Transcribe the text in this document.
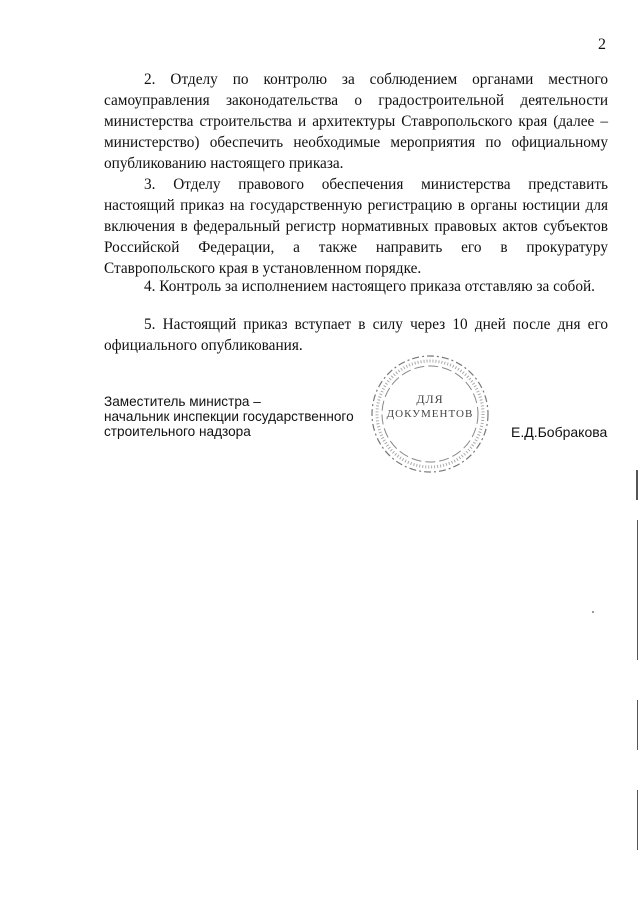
2

2. Отделу по контролю за соблюдением органами местного самоуправления законодательства о градостроительной деятельности министерства строительства и архитектуры Ставропольского края (далее – министерство) обеспечить необходимые мероприятия по официальному опубликованию настоящего приказа.

3. Отделу правового обеспечения министерства представить настоящий приказ на государственную регистрацию в органы юстиции для включения в федеральный регистр нормативных правовых актов субъектов Российской Федерации, а также направить его в прокуратуру Ставропольского края в установленном порядке.

4. Контроль за исполнением настоящего приказа отставляю за собой.

5. Настоящий приказ вступает в силу через 10 дней после дня его официального опубликования.

Заместитель министра –
начальник инспекции государственного
строительного надзора
ДЛЯ
ДОКУМЕНТОВ
Е.Д.Бобракова
